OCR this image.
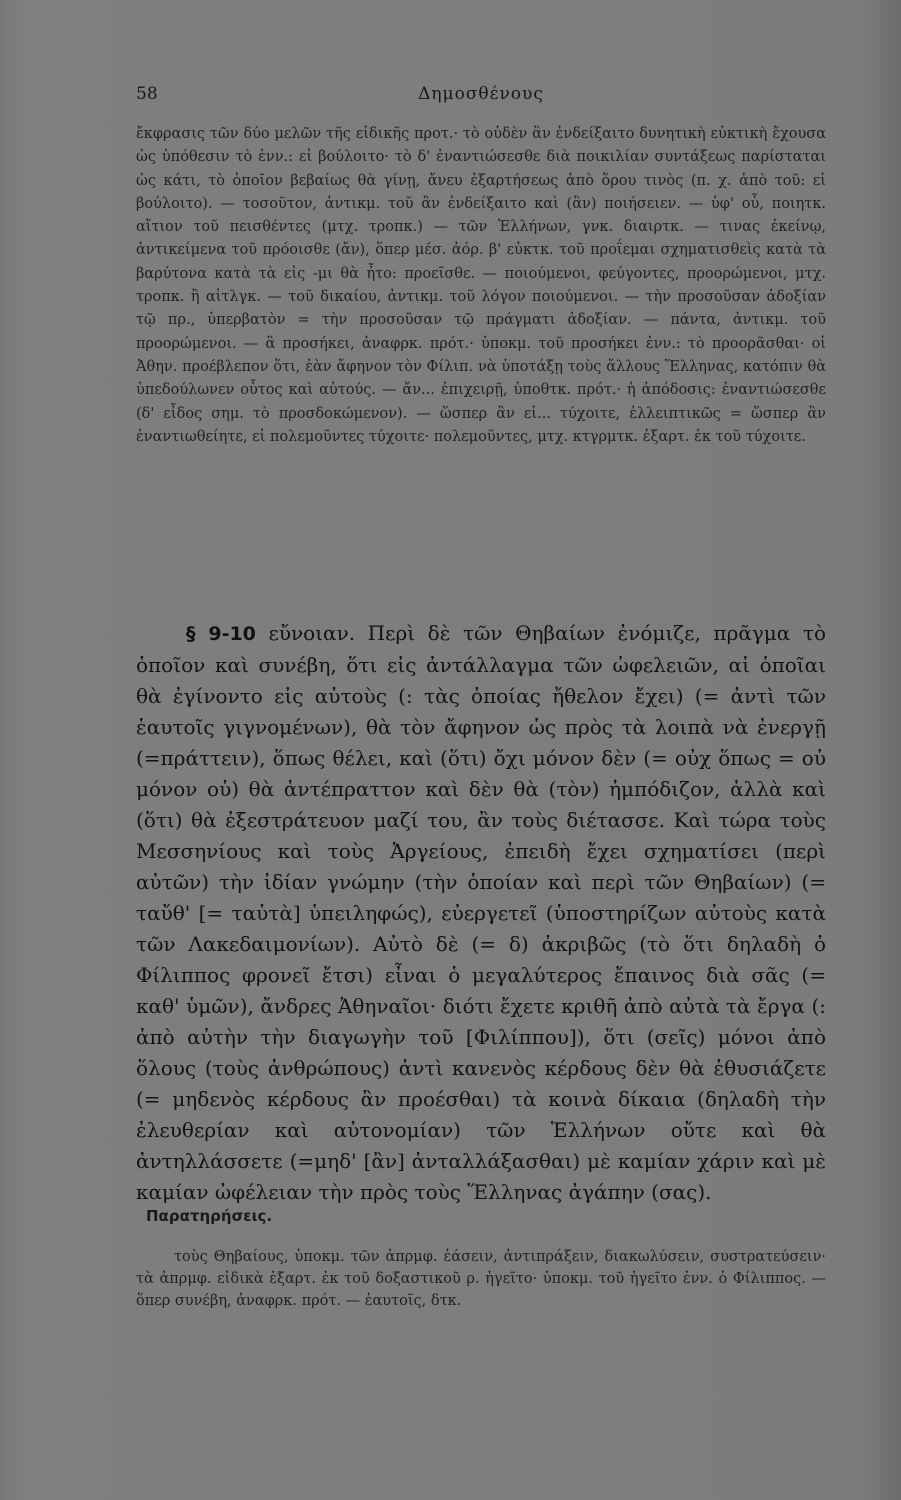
58	Δημοσθένους

ἔκφρασις τῶν δύο μελῶν τῆς εἰδικῆς προτ.· τὸ οὐδὲν ἂν ἐνδείξαιτο δυνητικὴ εὐκτικὴ ἔχουσα ὡς ὑπόθεσιν τὸ ἐνν.: εἰ βούλοιτο· τὸ δ' ἐναντιώσεσθε διὰ ποικιλίαν συντάξεως παρίσταται ὡς κάτι, τὸ ὁποῖον βεβαίως θὰ γίνῃ, ἄνευ ἐξαρτήσεως ἀπὸ ὅρου τινὸς (π. χ. ἀπὸ τοῦ: εἰ βούλοιτο). — τοσοῦτον, ἀντικμ. τοῦ ἂν ἐνδείξαιτο καὶ (ἂν) ποιήσειεν. — ὑφ' οὗ, ποιητκ. αἴτιον τοῦ πεισθέντες (μτχ. τροπκ.) — τῶν Ἑλλήνων, γνκ. διαιρτκ. — τινας ἐκείνῳ, ἀντικείμενα τοῦ πρόοισθε (ἄν), ὅπερ μέσ. ἀόρ. β' εὐκτκ. τοῦ προΐεμαι σχηματισθεὶς κατὰ τὰ βαρύτονα κατὰ τὰ εἰς -μι θὰ ἦτο: προεῖσθε. — ποιούμενοι, φεύγοντες, προορώμενοι, μτχ. τροπκ. ἢ αἰτλγκ. — τοῦ δικαίου, ἀντικμ. τοῦ λόγον ποιούμενοι. — τὴν προσοῦσαν ἀδοξίαν τῷ πρ., ὑπερβατὸν = τὴν προσοῦσαν τῷ πράγματι ἀδοξίαν. — πάντα, ἀντικμ. τοῦ προορώμενοι. — ἃ προσήκει, ἀναφρκ. πρότ.· ὑποκμ. τοῦ προσήκει ἐνν.: τὸ προορᾶσθαι· οἱ Ἀθην. προέβλεπον ὅτι, ἐὰν ἄφηνον τὸν Φίλιπ. νὰ ὑποτάξῃ τοὺς ἄλλους Ἕλληνας, κατόπιν θὰ ὑπεδούλωνεν οὗτος καὶ αὐτούς. — ἄν... ἐπιχειρῇ, ὑποθτκ. πρότ.· ἡ ἀπόδοσις: ἐναντιώσεσθε (δ' εἶδος σημ. τὸ προσδοκώμενον). — ὥσπερ ἂν εἰ... τύχοιτε, ἐλλειπτικῶς = ὥσπερ ἂν ἐναντιωθείητε, εἰ πολεμοῦντες τύχοιτε· πολεμοῦντες, μτχ. κτγρμτκ. ἐξαρτ. ἐκ τοῦ τύχοιτε.

§ 9-10 εὔνοιαν. Περὶ δὲ τῶν Θηβαίων ἐνόμιζε, πρᾶγμα τὸ ὁποῖον καὶ συνέβη, ὅτι εἰς ἀντάλλαγμα τῶν ὠφελειῶν, αἱ ὁποῖαι θὰ ἐγίνοντο εἰς αὐτοὺς (: τὰς ὁποίας ἤθελον ἔχει) (= ἀντὶ τῶν ἑαυτοῖς γιγνομένων), θὰ τὸν ἄφηνον ὡς πρὸς τὰ λοιπὰ νὰ ἐνεργῇ (=πράττειν), ὅπως θέλει, καὶ (ὅτι) ὄχι μόνον δὲν (= οὐχ ὅπως = οὐ μόνον οὐ) θὰ ἀντέπραττον καὶ δὲν θὰ (τὸν) ἠμπόδιζον, ἀλλὰ καὶ (ὅτι) θὰ ἐξεστράτευον μαζί του, ἂν τοὺς διέτασσε. Καὶ τώρα τοὺς Μεσσηνίους καὶ τοὺς Ἀργείους, ἐπειδὴ ἔχει σχηματίσει (περὶ αὐτῶν) τὴν ἰδίαν γνώμην (τὴν ὁποίαν καὶ περὶ τῶν Θηβαίων) (= ταὔθ' [= ταὐτὰ] ὑπειληφώς), εὐεργετεῖ (ὑποστηρίζων αὐτοὺς κατὰ τῶν Λακεδαιμονίων). Αὐτὸ δὲ (= δ) ἀκριβῶς (τὸ ὅτι δηλαδὴ ὁ Φίλιππος φρονεῖ ἔτσι) εἶναι ὁ μεγαλύτερος ἔπαινος διὰ σᾶς (= καθ' ὑμῶν), ἄνδρες Ἀθηναῖοι· διότι ἔχετε κριθῆ ἀπὸ αὐτὰ τὰ ἔργα (: ἀπὸ αὐτὴν τὴν διαγωγὴν τοῦ [Φιλίππου]), ὅτι (σεῖς) μόνοι ἀπὸ ὅλους (τοὺς ἀνθρώπους) ἀντὶ κανενὸς κέρδους δὲν θὰ ἐθυσιάζετε (= μηδενὸς κέρδους ἂν προέσθαι) τὰ κοινὰ δίκαια (δηλαδὴ τὴν ἐλευθερίαν καὶ αὐτονομίαν) τῶν Ἑλλήνων οὔτε καὶ θὰ ἀντηλλάσσετε (=μηδ' [ἂν] ἀνταλλάξασθαι) μὲ καμίαν χάριν καὶ μὲ καμίαν ὠφέλειαν τὴν πρὸς τοὺς Ἕλληνας ἀγάπην (σας).

Παρατηρήσεις.

τοὺς Θηβαίους, ὑποκμ. τῶν ἀπρμφ. ἐάσειν, ἀντιπράξειν, διακωλύσειν, συστρατεύσειν· τὰ ἀπρμφ. εἰδικὰ ἐξαρτ. ἐκ τοῦ δοξαστικοῦ ρ. ἡγεῖτο· ὑποκμ. τοῦ ἡγεῖτο ἐνν. ὁ Φίλιππος. — ὅπερ συνέβη, ἀναφρκ. πρότ. — ἑαυτοῖς, δτκ.
